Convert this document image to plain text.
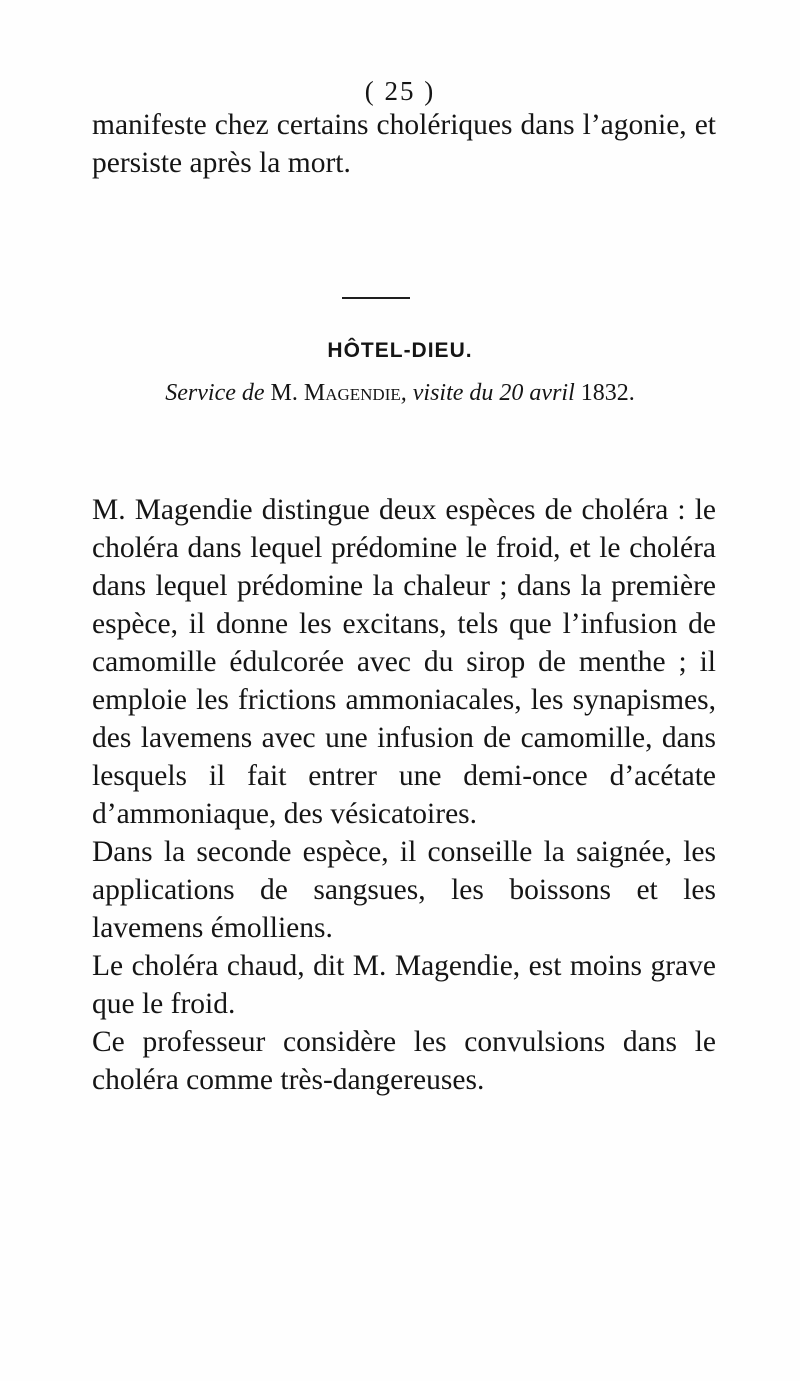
( 25 )

manifeste chez certains cholériques dans l’agonie, et persiste après la mort.

HÔTEL-DIEU.
Service de M. Magendie, visite du 20 avril 1832.

M. Magendie distingue deux espèces de choléra : le choléra dans lequel prédomine le froid, et le choléra dans lequel prédomine la chaleur ; dans la première espèce, il donne les excitans, tels que l’infusion de camomille édulcorée avec du sirop de menthe ; il emploie les frictions ammoniacales, les synapismes, des lavemens avec une infusion de camomille, dans lesquels il fait entrer une demi-once d’acétate d’ammoniaque, des vésicatoires.

Dans la seconde espèce, il conseille la saignée, les applications de sangsues, les boissons et les lavemens émolliens.

Le choléra chaud, dit M. Magendie, est moins grave que le froid.

Ce professeur considère les convulsions dans le choléra comme très-dangereuses.
